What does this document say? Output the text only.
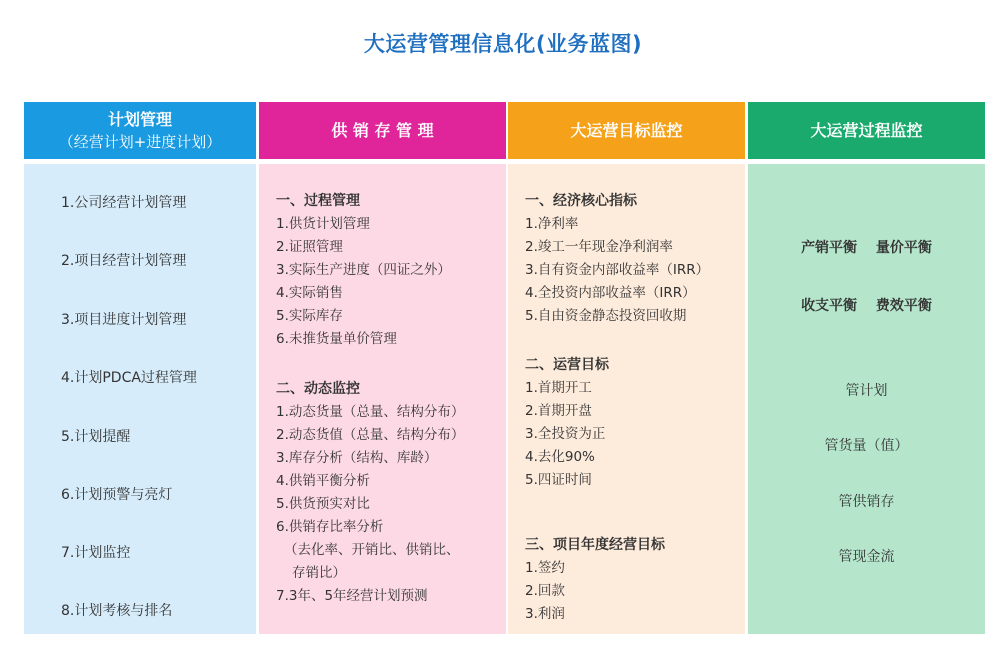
大运营管理信息化(业务蓝图)
计划管理
（经营计划+进度计划）
1.公司经营计划管理
2.项目经营计划管理
3.项目进度计划管理
4.计划PDCA过程管理
5.计划提醒
6.计划预警与亮灯
7.计划监控
8.计划考核与排名
供 销 存 管 理
一、过程管理
1.供货计划管理
2.证照管理
3.实际生产进度（四证之外）
4.实际销售
5.实际库存
6.未推货量单价管理
二、动态监控
1.动态货量（总量、结构分布）
2.动态货值（总量、结构分布）
3.库存分析（结构、库龄）
4.供销平衡分析
5.供货预实对比
6.供销存比率分析
（去化率、开销比、供销比、
存销比）
7.3年、5年经营计划预测
大运营目标监控
一、经济核心指标
1.净利率
2.竣工一年现金净利润率
3.自有资金内部收益率（IRR）
4.全投资内部收益率（IRR）
5.自由资金静态投资回收期
二、运营目标
1.首期开工
2.首期开盘
3.全投资为正
4.去化90%
5.四证时间
三、项目年度经营目标
1.签约
2.回款
3.利润
大运营过程监控
产销平衡　 量价平衡
收支平衡　 费效平衡
管计划
管货量（值）
管供销存
管现金流
